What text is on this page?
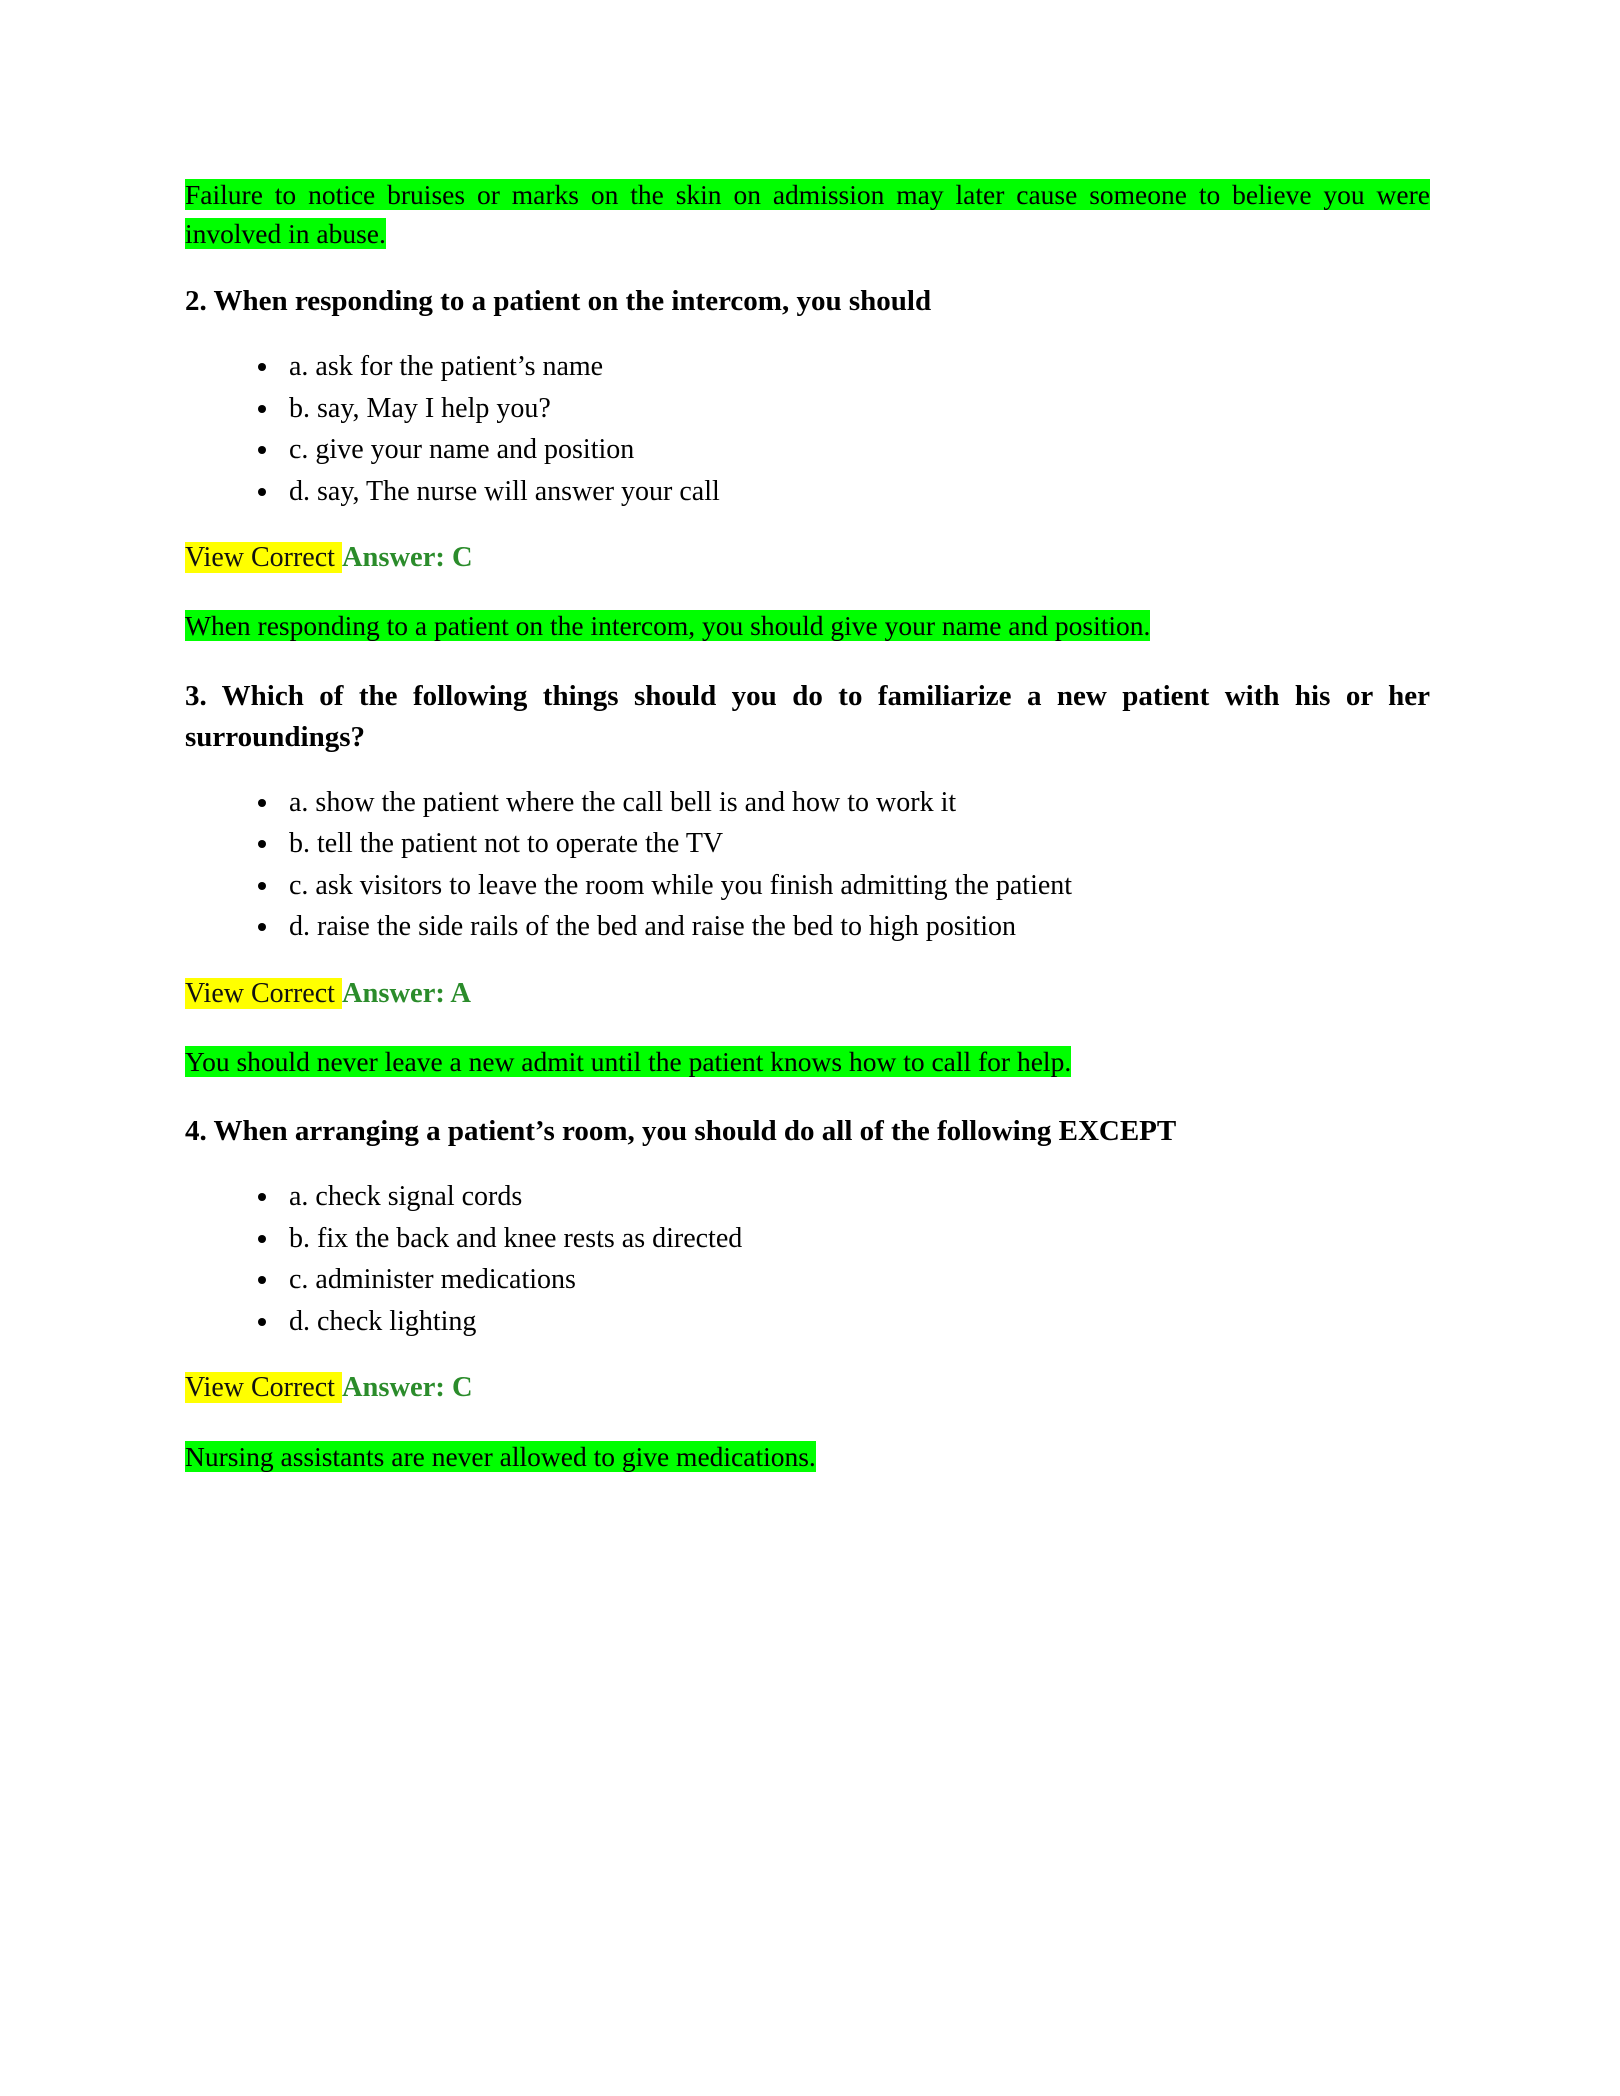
Failure to notice bruises or marks on the skin on admission may later cause someone to believe you were involved in abuse.

2. When responding to a patient on the intercom, you should

• a. ask for the patient’s name
• b. say, May I help you?
• c. give your name and position
• d. say, The nurse will answer your call

View Correct Answer: C

When responding to a patient on the intercom, you should give your name and position.

3. Which of the following things should you do to familiarize a new patient with his or her surroundings?

• a. show the patient where the call bell is and how to work it
• b. tell the patient not to operate the TV
• c. ask visitors to leave the room while you finish admitting the patient
• d. raise the side rails of the bed and raise the bed to high position

View Correct Answer: A

You should never leave a new admit until the patient knows how to call for help.

4. When arranging a patient’s room, you should do all of the following EXCEPT

• a. check signal cords
• b. fix the back and knee rests as directed
• c. administer medications
• d. check lighting

View Correct Answer: C

Nursing assistants are never allowed to give medications.
